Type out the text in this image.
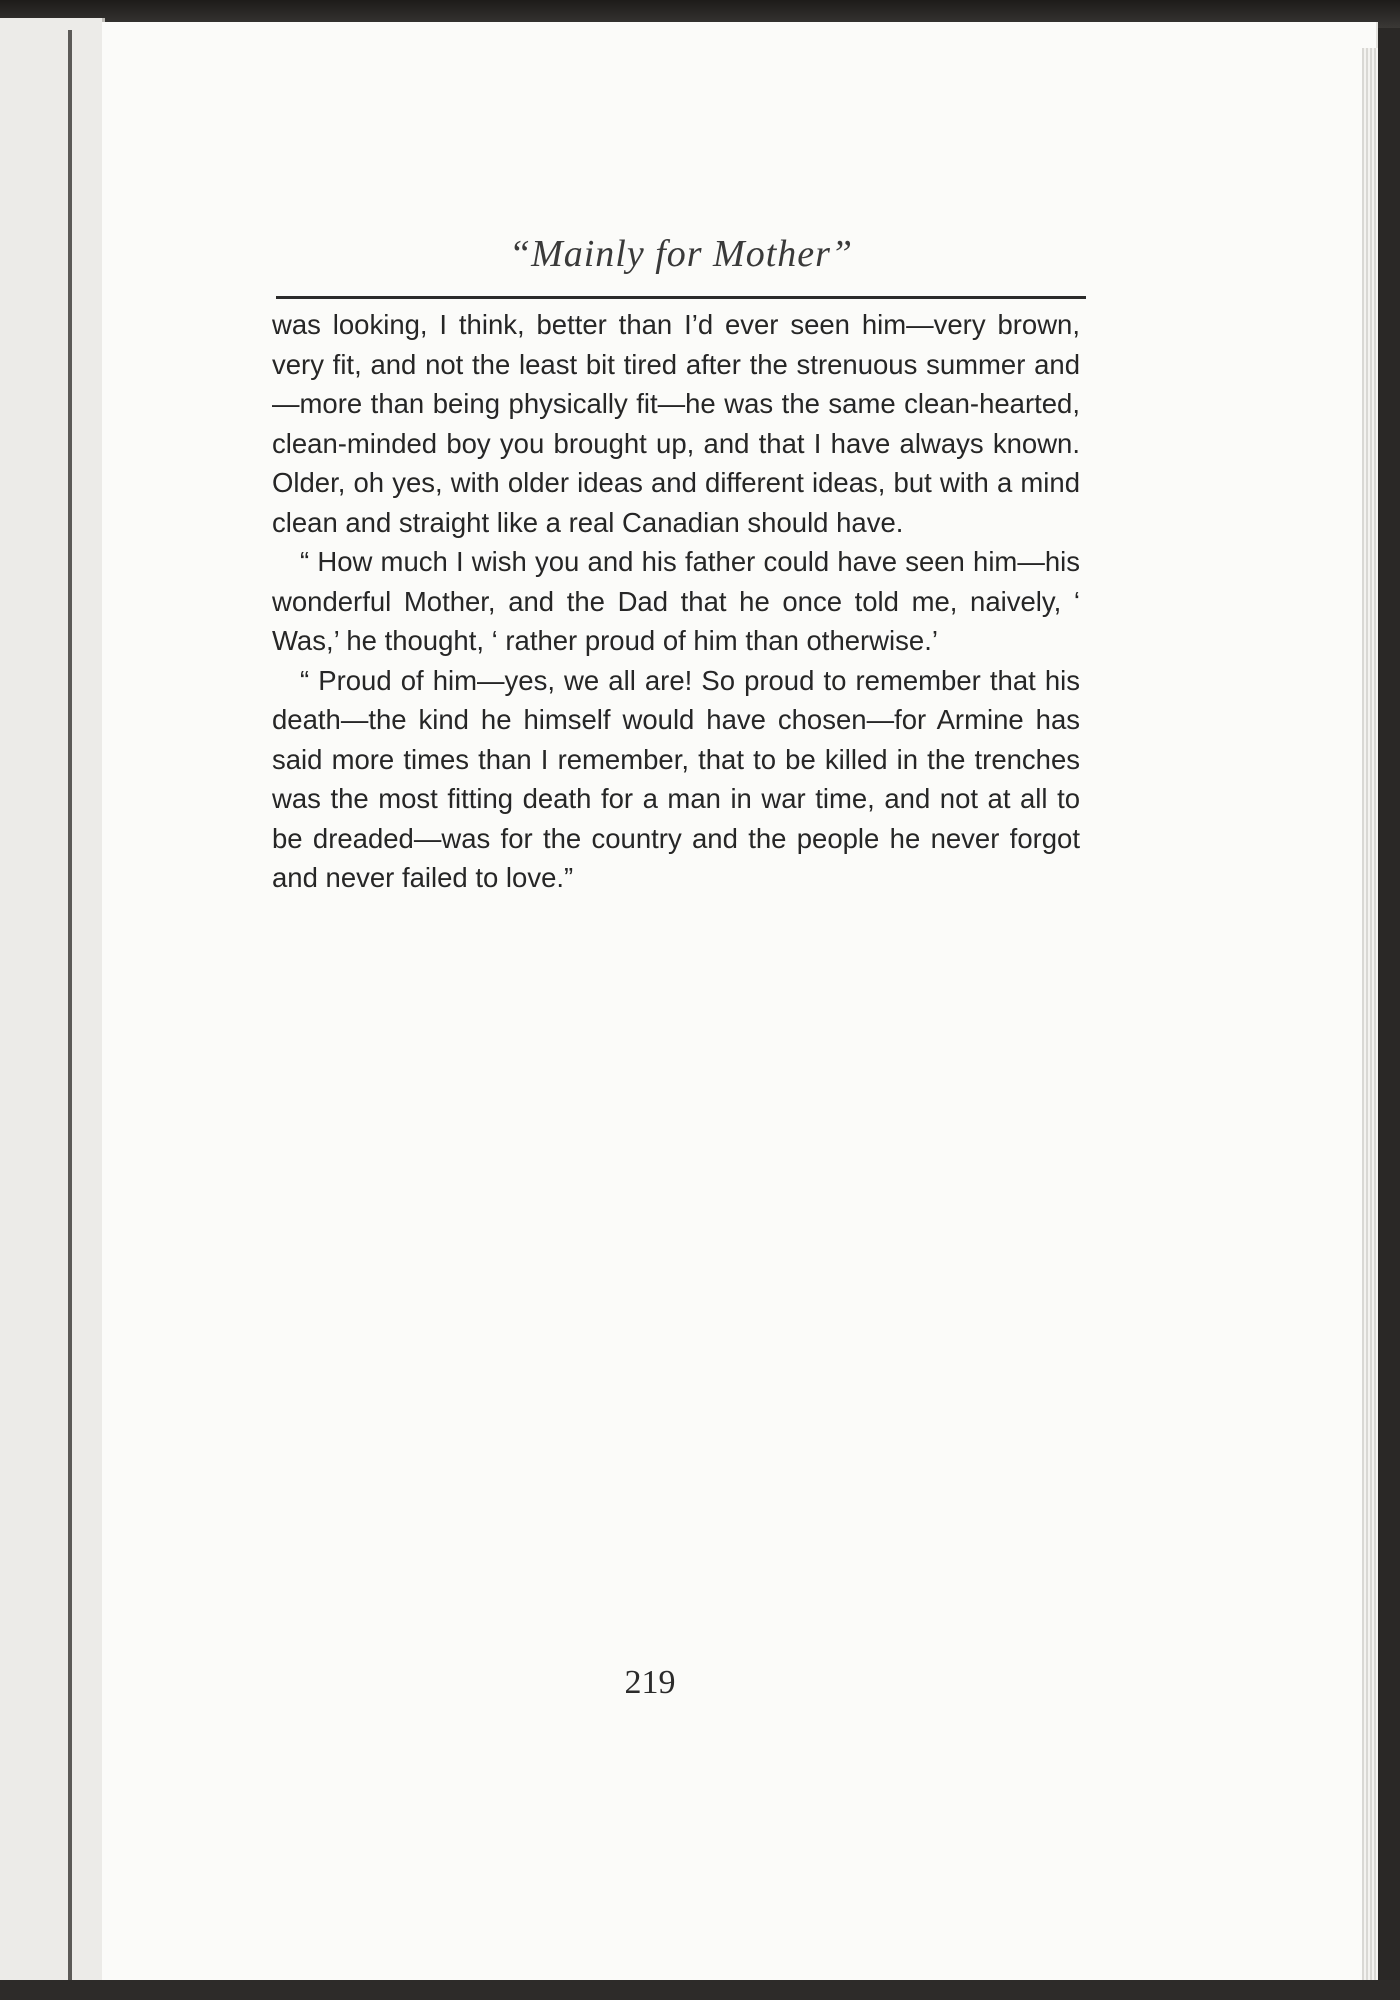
“Mainly for Mother”

was looking, I think, better than I’d ever seen him—very brown, very fit, and not the least bit tired after the strenuous summer and—more than being physically fit—he was the same clean-hearted, clean-minded boy you brought up, and that I have always known. Older, oh yes, with older ideas and different ideas, but with a mind clean and straight like a real Canadian should have.

“ How much I wish you and his father could have seen him—his wonderful Mother, and the Dad that he once told me, naively, ‘ Was,’ he thought, ‘ rather proud of him than otherwise.’

“ Proud of him—yes, we all are! So proud to remember that his death—the kind he himself would have chosen—for Armine has said more times than I remember, that to be killed in the trenches was the most fitting death for a man in war time, and not at all to be dreaded—was for the country and the people he never forgot and never failed to love.”

219
